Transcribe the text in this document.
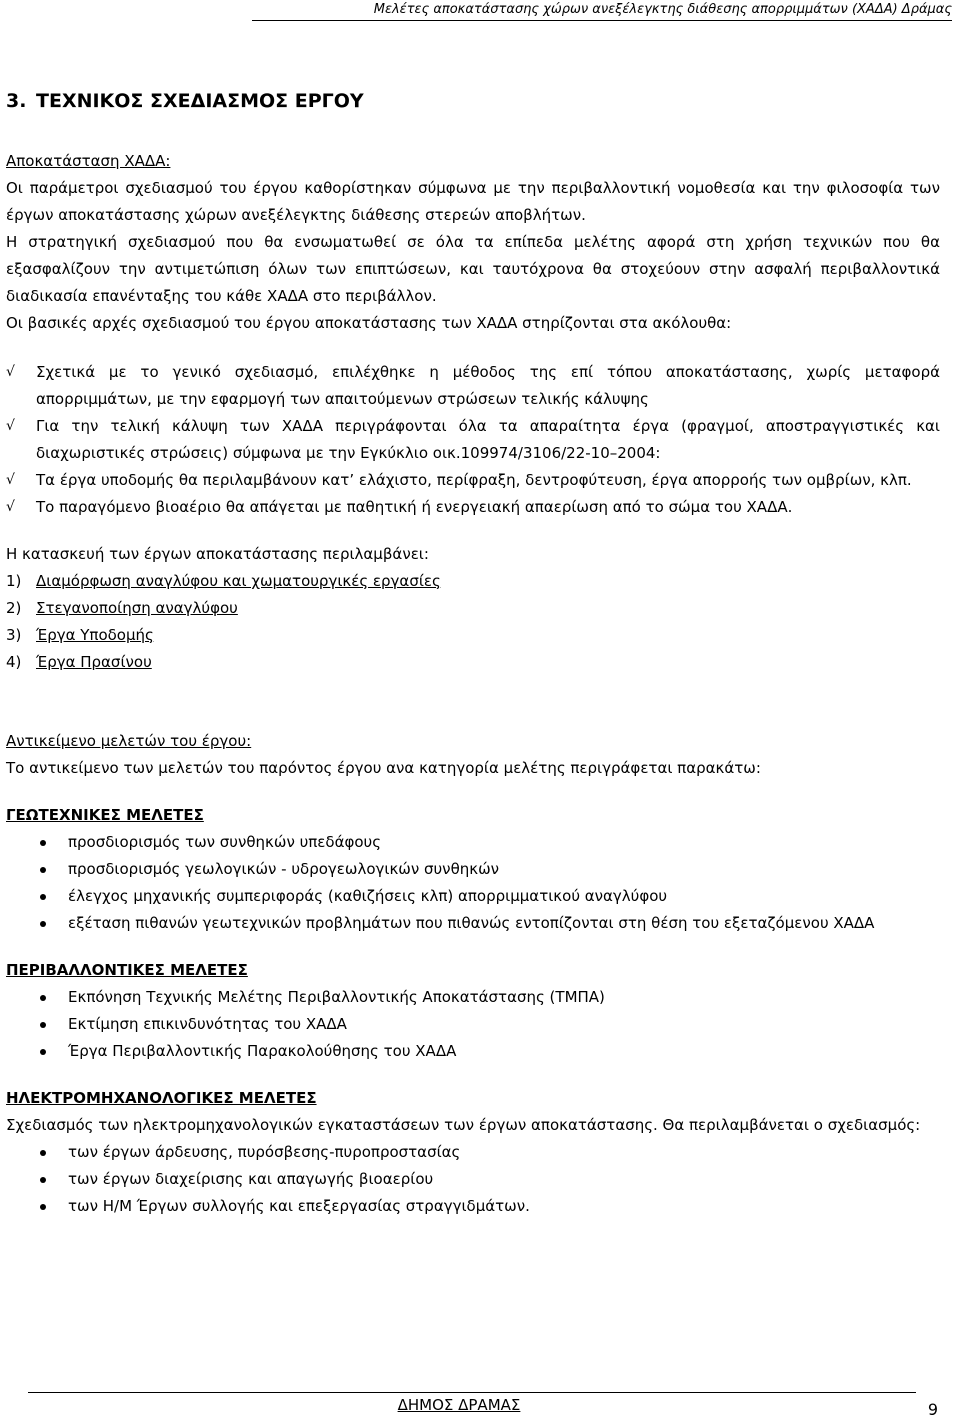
Μελέτες αποκατάστασης χώρων ανεξέλεγκτης διάθεσης απορριμμάτων (ΧΑΔΑ) Δράμας
3. ΤΕΧΝΙΚΟΣ ΣΧΕΔΙΑΣΜΟΣ ΕΡΓΟΥ

Αποκατάσταση ΧΑΔΑ:

Οι παράμετροι σχεδιασμού του έργου καθορίστηκαν σύμφωνα με την περιβαλλοντική νομοθεσία και την φιλοσοφία των έργων αποκατάστασης χώρων ανεξέλεγκτης διάθεσης στερεών αποβλήτων.

Η στρατηγική σχεδιασμού που θα ενσωματωθεί σε όλα τα επίπεδα μελέτης αφορά στη χρήση τεχνικών που θα εξασφαλίζουν την αντιμετώπιση όλων των επιπτώσεων, και ταυτόχρονα θα στοχεύουν στην ασφαλή περιβαλλοντικά διαδικασία επανένταξης του κάθε ΧΑΔΑ στο περιβάλλον.

Οι βασικές αρχές σχεδιασμού του έργου αποκατάστασης των ΧΑΔΑ στηρίζονται στα ακόλουθα:

√ Σχετικά με το γενικό σχεδιασμό, επιλέχθηκε η μέθοδος της επί τόπου αποκατάστασης, χωρίς μεταφορά απορριμμάτων, με την εφαρμογή των απαιτούμενων στρώσεων τελικής κάλυψης
√ Για την τελική κάλυψη των ΧΑΔΑ περιγράφονται όλα τα απαραίτητα έργα (φραγμοί, αποστραγγιστικές και διαχωριστικές στρώσεις) σύμφωνα με την Εγκύκλιο οικ.109974/3106/22-10–2004:
√ Τα έργα υποδομής θα περιλαμβάνουν κατ’ ελάχιστο, περίφραξη, δεντροφύτευση, έργα απορροής των ομβρίων, κλπ.
√ Το παραγόμενο βιοαέριο θα απάγεται με παθητική ή ενεργειακή απαερίωση από το σώμα του ΧΑΔΑ.

Η κατασκευή των έργων αποκατάστασης περιλαμβάνει:

1) Διαμόρφωση αναγλύφου και χωματουργικές εργασίες
2) Στεγανοποίηση αναγλύφου
3) Έργα Υποδομής
4) Έργα Πρασίνου

Αντικείμενο μελετών του έργου:

Το αντικείμενο των μελετών του παρόντος έργου ανα κατηγορία μελέτης περιγράφεται παρακάτω:

ΓΕΩΤΕΧΝΙΚΕΣ ΜΕΛΕΤΕΣ
προσδιορισμός των συνθηκών υπεδάφους
προσδιορισμός γεωλογικών - υδρογεωλογικών συνθηκών
έλεγχος μηχανικής συμπεριφοράς (καθιζήσεις κλπ) απορριμματικού αναγλύφου
εξέταση πιθανών γεωτεχνικών προβλημάτων που πιθανώς εντοπίζονται στη θέση του εξεταζόμενου ΧΑΔΑ
ΠΕΡΙΒΑΛΛΟΝΤΙΚΕΣ ΜΕΛΕΤΕΣ
Εκπόνηση Τεχνικής Μελέτης Περιβαλλοντικής Αποκατάστασης (ΤΜΠΑ)
Εκτίμηση επικινδυνότητας του ΧΑΔΑ
Έργα Περιβαλλοντικής Παρακολούθησης του ΧΑΔΑ
ΗΛΕΚΤΡΟΜΗΧΑΝΟΛΟΓΙΚΕΣ ΜΕΛΕΤΕΣ

Σχεδιασμός των ηλεκτρομηχανολογικών εγκαταστάσεων των έργων αποκατάστασης. Θα περιλαμβάνεται ο σχεδιασμός:

των έργων άρδευσης, πυρόσβεσης-πυροπροστασίας
των έργων διαχείρισης και απαγωγής βιοαερίου
των Η/Μ Έργων συλλογής και επεξεργασίας στραγγιδμάτων.
ΔΗΜΟΣ ΔΡΑΜΑΣ	9
